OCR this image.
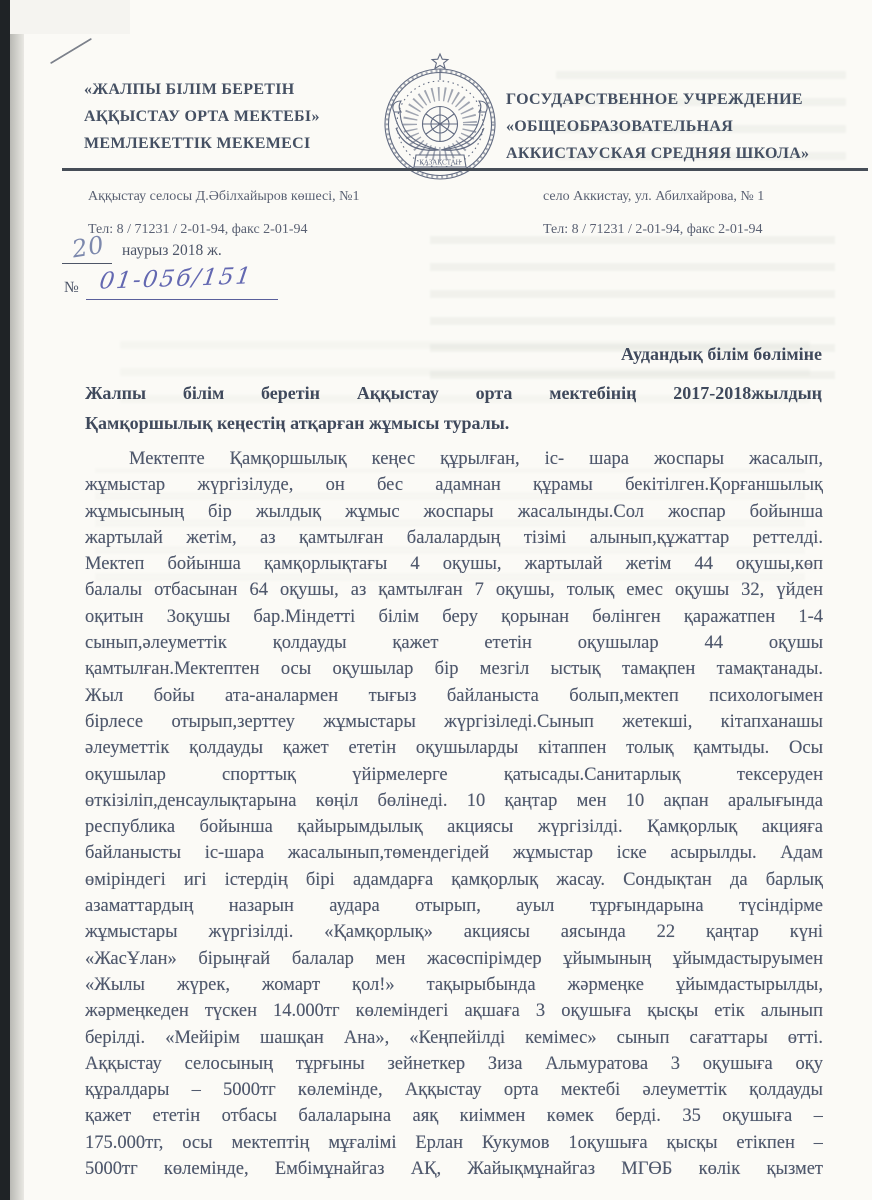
«ЖАЛПЫ БІЛІМ БЕРЕТІН
АҚҚЫСТАУ ОРТА МЕКТЕБІ»
МЕМЛЕКЕТТІК МЕКЕМЕСІ
ҚАЗАҚСТАН
ГОСУДАРСТВЕННОЕ УЧРЕЖДЕНИЕ
«ОБЩЕОБРАЗОВАТЕЛЬНАЯ
АККИСТАУСКАЯ СРЕДНЯЯ ШКОЛА»
Аққыстау селосы Д.Әбілхайыров көшесі, №1
Тел: 8 / 71231 / 2-01-94, факс 2-01-94
село Аккистау, ул. Абилхайрова, № 1
Тел: 8 / 71231 / 2-01-94, факс 2-01-94
20 наурыз 2018 ж.
№ 01-05б/151
Аудандық білім бөліміне
Жалпы білім беретін Аққыстау орта мектебінің 2017-2018жылдың
Қамқоршылық кеңестің атқарған жұмысы туралы.
Мектепте Қамқоршылық кеңес құрылған, іс- шара жоспары жасалып,
жұмыстар жүргізілуде, он бес адамнан құрамы бекітілген.Қорғаншылық
жұмысының бір жылдық жұмыс жоспары жасалынды.Сол жоспар бойынша
жартылай жетім, аз қамтылған балалардың тізімі алынып,құжаттар реттелді.
Мектеп бойынша қамқорлықтағы 4 оқушы, жартылай жетім 44 оқушы,көп
балалы отбасынан 64 оқушы, аз қамтылған 7 оқушы, толық емес оқушы 32, үйден
оқитын 3оқушы бар.Міндетті білім беру қорынан бөлінген қаражатпен 1-4
сынып,әлеуметтік қолдауды қажет ететін оқушылар 44 оқушы
қамтылған.Мектептен осы оқушылар бір мезгіл ыстық тамақпен тамақтанады.
Жыл бойы ата-аналармен тығыз байланыста болып,мектеп психологымен
бірлесе отырып,зерттеу жұмыстары жүргізіледі.Сынып жетекші, кітапханашы
әлеуметтік қолдауды қажет ететін оқушыларды кітаппен толық қамтыды. Осы
оқушылар спорттық үйірмелерге қатысады.Санитарлық тексеруден
өткізіліп,денсаулықтарына көңіл бөлінеді. 10 қаңтар мен 10 ақпан аралығында
республика бойынша қайырымдылық акциясы жүргізілді. Қамқорлық акцияға
байланысты іс-шара жасалынып,төмендегідей жұмыстар іске асырылды. Адам
өміріндегі игі істердің бірі адамдарға қамқорлық жасау. Сондықтан да барлық
азаматтардың назарын аудара отырып, ауыл тұрғындарына түсіндірме
жұмыстары жүргізілді. «Қамқорлық» акциясы аясында 22 қаңтар күні
«ЖасҰлан» бірыңғай балалар мен жасөспірімдер ұйымының ұйымдастыруымен
«Жылы жүрек, жомарт қол!» тақырыбында жәрмеңке ұйымдастырылды,
жәрмеңкеден түскен 14.000тг көлеміндегі ақшаға 3 оқушыға қысқы етік алынып
берілді. «Мейірім шашқан Ана», «Кеңпейілді кемімес» сынып сағаттары өтті.
Аққыстау селосының тұрғыны зейнеткер Зиза Альмуратова 3 оқушыға оқу
құралдары – 5000тг көлемінде, Аққыстау орта мектебі әлеуметтік қолдауды
қажет ететін отбасы балаларына аяқ киіммен көмек берді. 35 оқушыға –
175.000тг, осы мектептің мұғалімі Ерлан Кукумов 1оқушыға қысқы етікпен –
5000тг көлемінде, Ембімұнайгаз АҚ, Жайықмұнайгаз МГӨБ көлік қызмет
